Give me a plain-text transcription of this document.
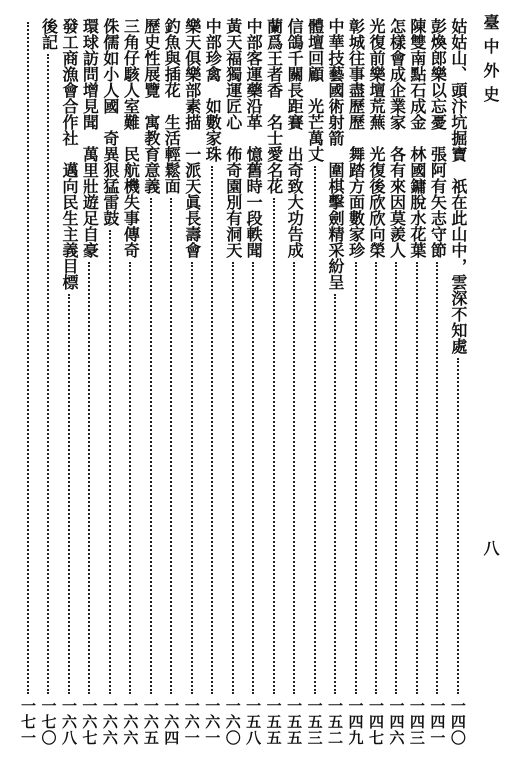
臺中外史
八
姑姑山、頭汴坑掘寶　祇在此山中，雲深不知處
一四〇
彭煥郎樂以忘憂　張阿有矢志守節
一四一
陳雙南點石成金　林國鏞脫水花葉
一四三
怎樣會成企業家　各有來因莫羨人
一四六
光復前樂壇荒蕪　光復後欣欣向榮
一四七
彰城往事盡歷歷　舞踏方面數家珍
一四九
中華技藝國術射箭　圍棋擊劍精采紛呈
一五二
體壇回顧　光芒萬丈
一五三
信鴿千關長距賽　出奇致大功告成
一五五
蘭爲王者香　名士愛名花
一五五
中部客運藥沿革　憶舊時一段軼聞
一五八
黃天福獨運匠心　佈奇園別有洞天
一六〇
中部珍禽　如數家珠
一六一
樂天俱樂部素描　一派天眞長壽會
一六一
釣魚與插花　生活輕鬆面
一六四
歷史性展覽　寓教育意義
一六五
三角仔駭人室難　民航機失事傳奇
一六六
侏儒如小人國　奇異狠猛雷鼓
一六六
環球訪問增見聞　萬里壯遊足自豪
一六七
發工商漁會合作社　邁向民生主義目標
一六八
後記
一七〇
一七一
